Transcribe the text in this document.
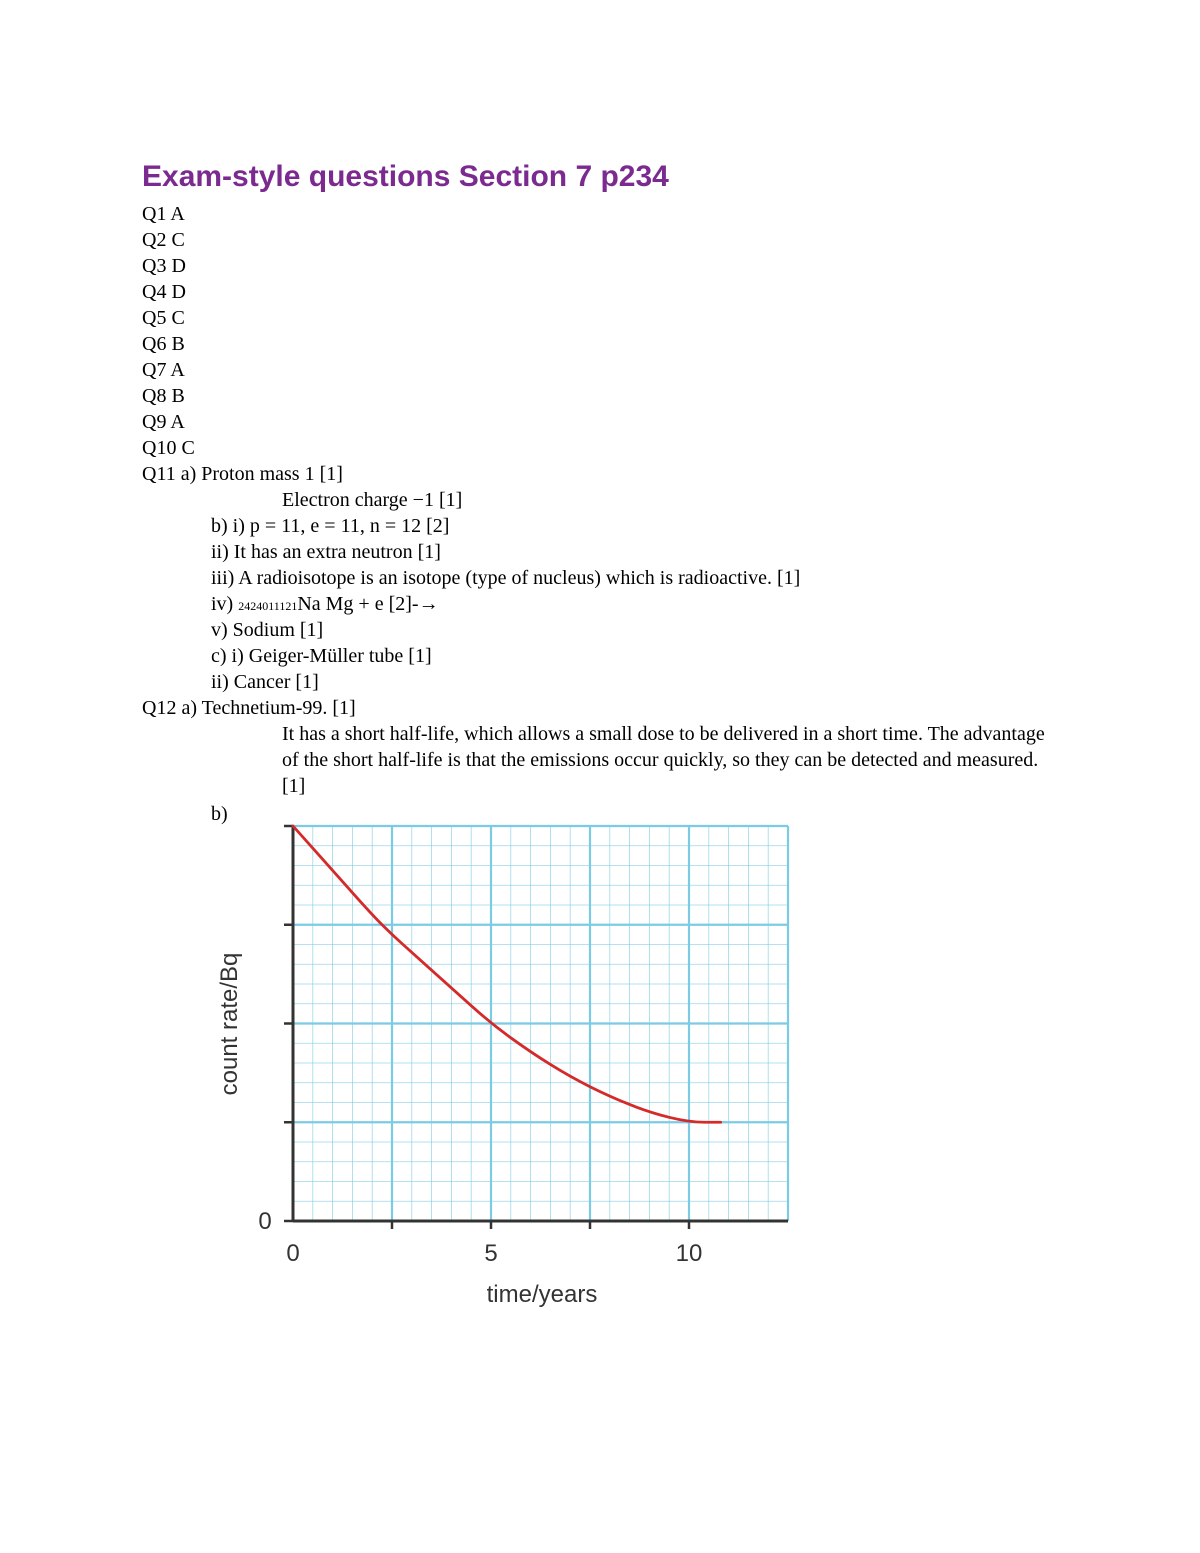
Exam-style questions Section 7 p234
Q1 A
Q2 C
Q3 D
Q4 D
Q5 C
Q6 B
Q7 A
Q8 B
Q9 A
Q10 C
Q11 a) Proton mass 1 [1]
Electron charge −1 [1]
b) i) p = 11, e = 11, n = 12 [2]
ii) It has an extra neutron [1]
iii) A radioisotope is an isotope (type of nucleus) which is radioactive. [1]
iv) 2424011121Na Mg + e [2]-→
v) Sodium [1]
c) i) Geiger-Müller tube [1]
ii) Cancer [1]
Q12 a) Technetium-99. [1]
It has a short half-life, which allows a small dose to be delivered in a short time. The advantage of the short half-life is that the emissions occur quickly, so they can be detected and measured. [1]
b)
0	5	10
0
time/years
count rate/Bq
